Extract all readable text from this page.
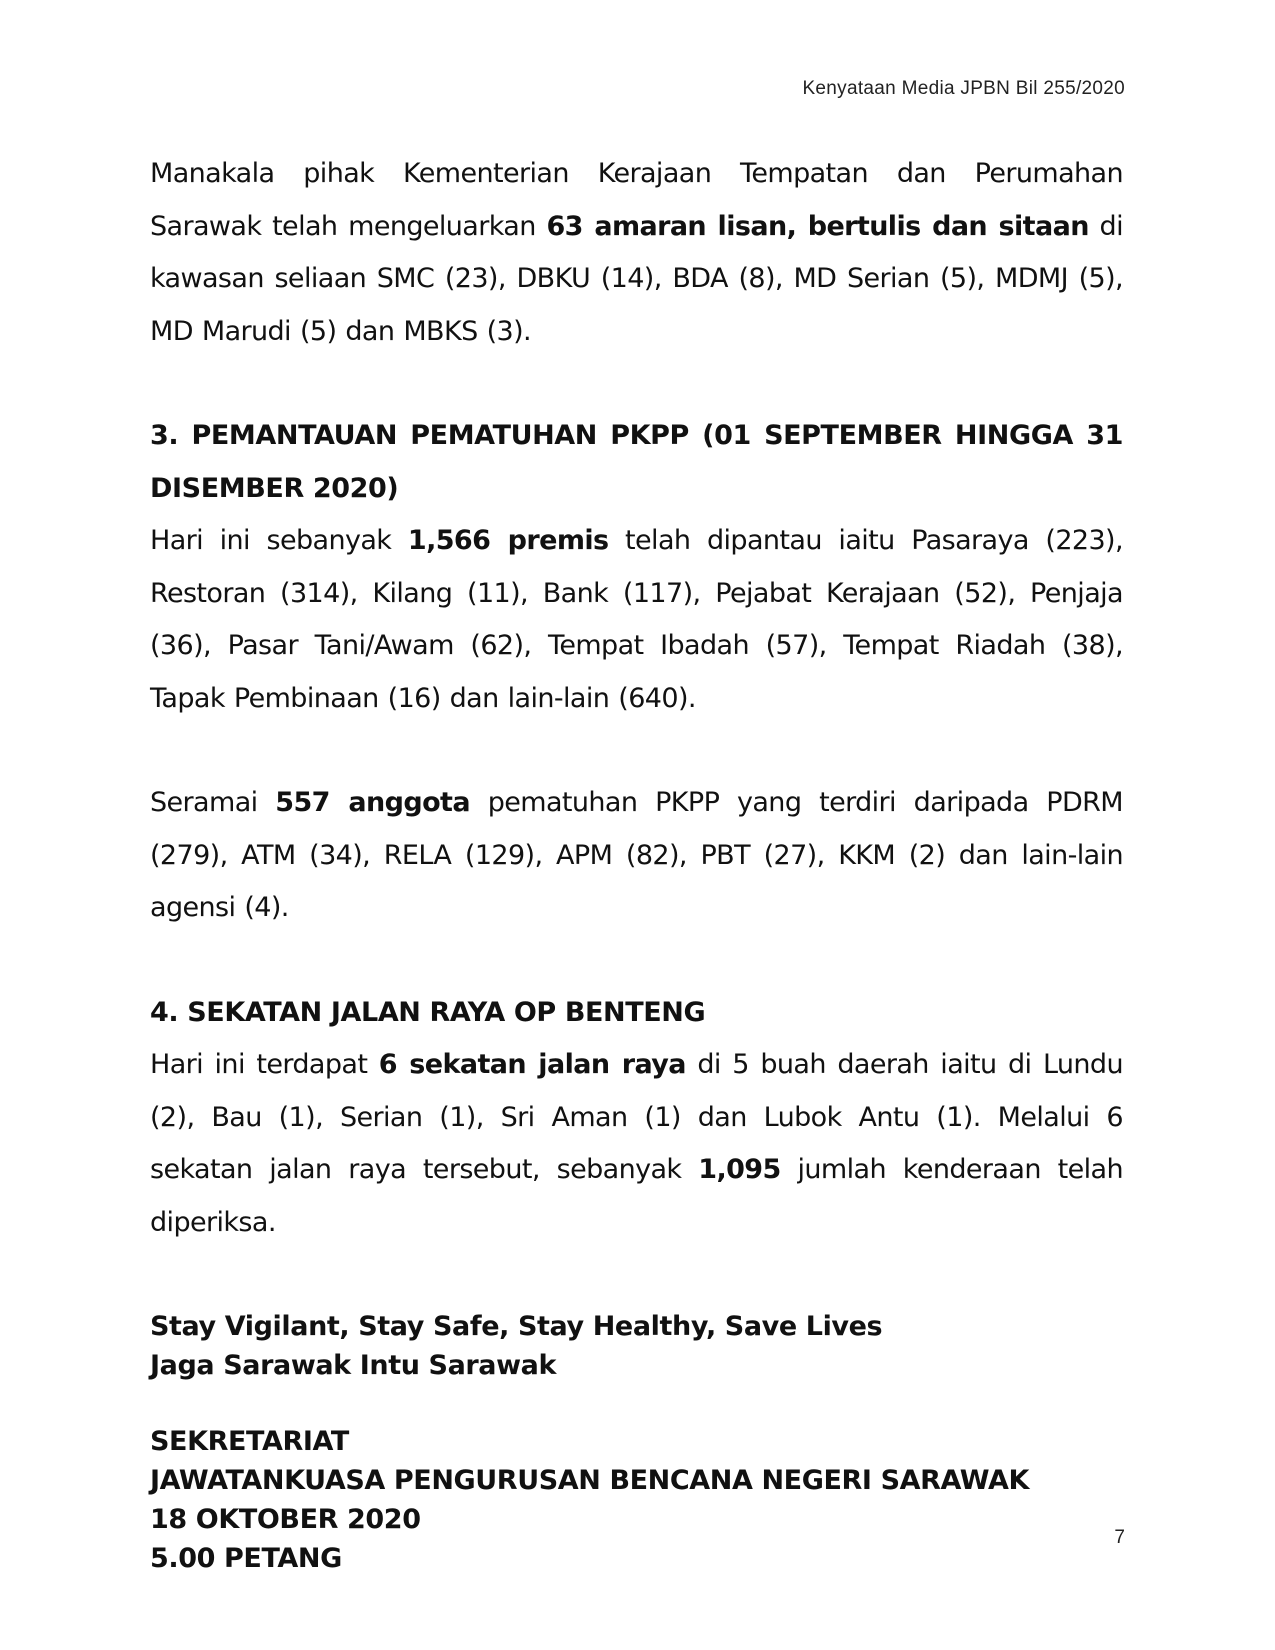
Kenyataan Media JPBN Bil 255/2020

Manakala pihak Kementerian Kerajaan Tempatan dan Perumahan Sarawak telah mengeluarkan 63 amaran lisan, bertulis dan sitaan di kawasan seliaan SMC (23), DBKU (14), BDA (8), MD Serian (5), MDMJ (5), MD Marudi (5) dan MBKS (3).

3. PEMANTAUAN PEMATUHAN PKPP (01 SEPTEMBER HINGGA 31 DISEMBER 2020)

Hari ini sebanyak 1,566 premis telah dipantau iaitu Pasaraya (223), Restoran (314), Kilang (11), Bank (117), Pejabat Kerajaan (52), Penjaja (36), Pasar Tani/Awam (62), Tempat Ibadah (57), Tempat Riadah (38), Tapak Pembinaan (16) dan lain-lain (640).

Seramai 557 anggota pematuhan PKPP yang terdiri daripada PDRM (279), ATM (34), RELA (129), APM (82), PBT (27), KKM (2) dan lain-lain agensi (4).

4. SEKATAN JALAN RAYA OP BENTENG

Hari ini terdapat 6 sekatan jalan raya di 5 buah daerah iaitu di Lundu (2), Bau (1), Serian (1), Sri Aman (1) dan Lubok Antu (1). Melalui 6 sekatan jalan raya tersebut, sebanyak 1,095 jumlah kenderaan telah diperiksa.

Stay Vigilant, Stay Safe, Stay Healthy, Save Lives

Jaga Sarawak Intu Sarawak

SEKRETARIAT

JAWATANKUASA PENGURUSAN BENCANA NEGERI SARAWAK

18 OKTOBER 2020

5.00 PETANG

7
